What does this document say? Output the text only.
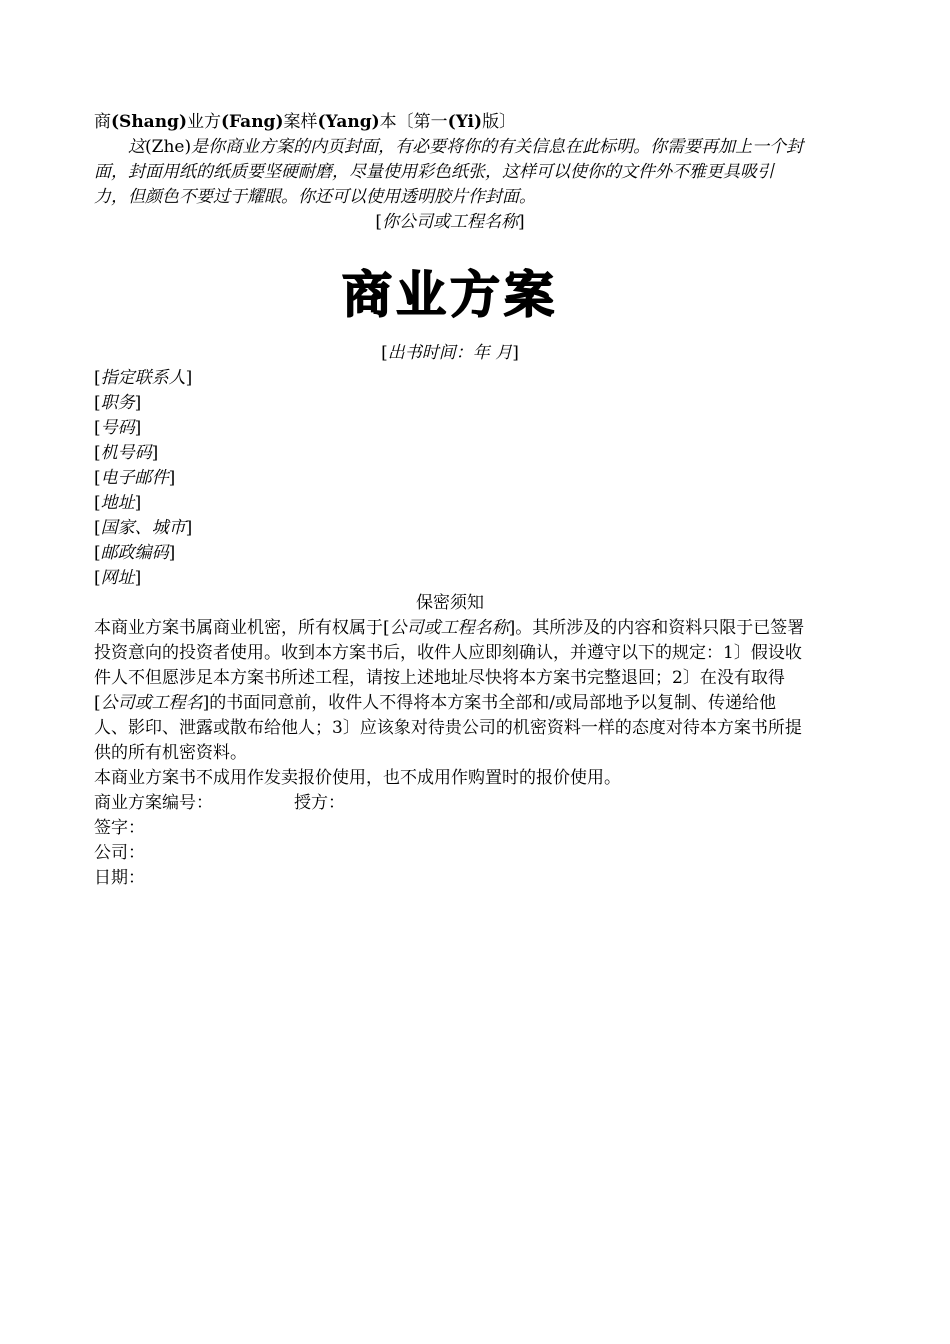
商(Shang)业方(Fang)案样(Yang)本〔第一(Yi)版〕

这(Zhe)是你商业方案的内页封面，有必要将你的有关信息在此标明。你需要再加上一个封面，封面用纸的纸质要坚硬耐磨，尽量使用彩色纸张，这样可以使你的文件外不雅更具吸引力，但颜色不要过于耀眼。你还可以使用透明胶片作封面。

[你公司或工程名称]
商业方案
[出书时间：年 月]
[指定联系人]
[职务]
[号码]
[机号码]
[电子邮件]
[地址]
[国家、城市]
[邮政编码]
[网址]
保密须知

本商业方案书属商业机密，所有权属于[公司或工程名称]。其所涉及的内容和资料只限于已签署投资意向的投资者使用。收到本方案书后，收件人应即刻确认，并遵守以下的规定：1〕假设收件人不但愿涉足本方案书所述工程，请按上述地址尽快将本方案书完整退回；2〕在没有取得[公司或工程名]的书面同意前，收件人不得将本方案书全部和/或局部地予以复制、传递给他人、影印、泄露或散布给他人；3〕应该象对待贵公司的机密资料一样的态度对待本方案书所提供的所有机密资料。

本商业方案书不成用作发卖报价使用，也不成用作购置时的报价使用。

商业方案编号：	授方：
签字：
公司：
日期：
